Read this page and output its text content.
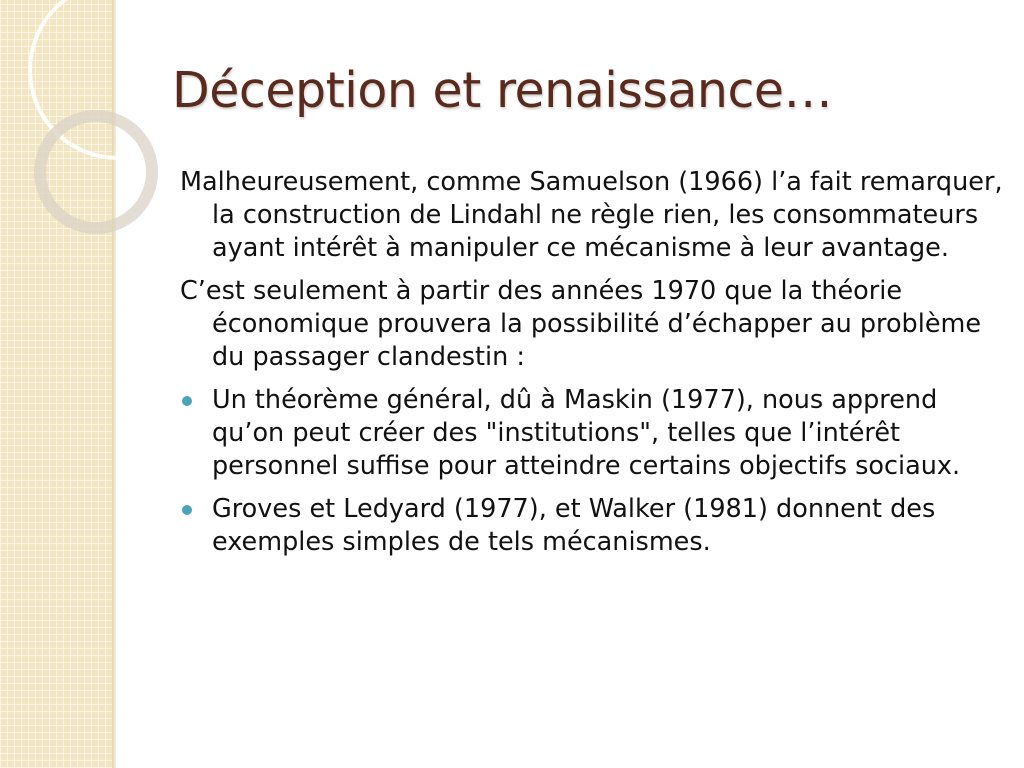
Déception et renaissance…

Malheureusement, comme Samuelson (1966) l’a fait remarquer, la construction de Lindahl ne règle rien, les consommateurs ayant intérêt à manipuler ce mécanisme à leur avantage.

C’est seulement à partir des années 1970 que la théorie économique prouvera la possibilité d’échapper au problème du passager clandestin :

Un théorème général, dû à Maskin (1977), nous apprend qu’on peut créer des "institutions", telles que l’intérêt personnel suffise pour atteindre certains objectifs sociaux.
Groves et Ledyard (1977), et Walker (1981) donnent des exemples simples de tels mécanismes.
